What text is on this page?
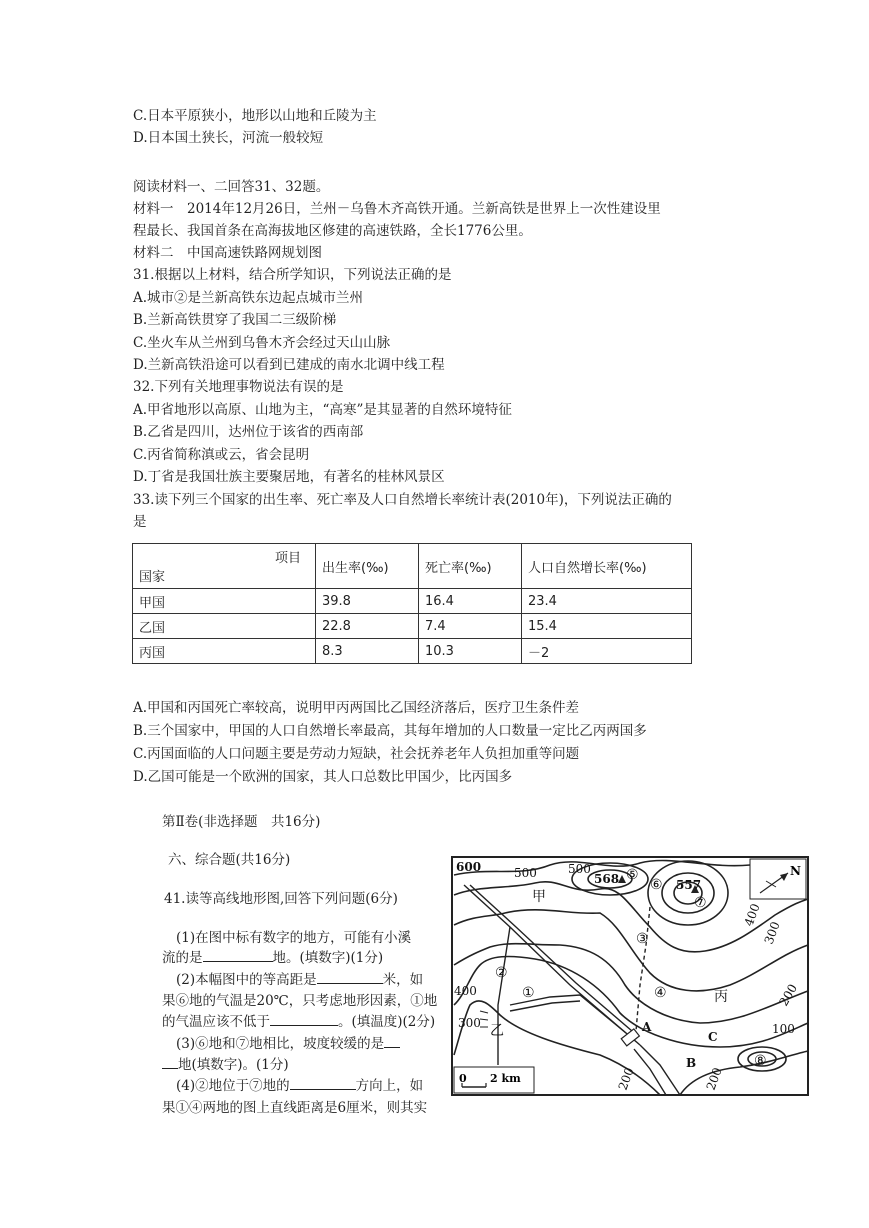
C.日本平原狭小，地形以山地和丘陵为主
D.日本国土狭长，河流一般较短
阅读材料一、二回答31、32题。
材料一　2014年12月26日，兰州－乌鲁木齐高铁开通。兰新高铁是世界上一次性建设里
程最长、我国首条在高海拔地区修建的高速铁路，全长1776公里。
材料二　中国高速铁路网规划图
31.根据以上材料，结合所学知识，下列说法正确的是
A.城市②是兰新高铁东边起点城市兰州
B.兰新高铁贯穿了我国二三级阶梯
C.坐火车从兰州到乌鲁木齐会经过天山山脉
D.兰新高铁沿途可以看到已建成的南水北调中线工程
32.下列有关地理事物说法有误的是
A.甲省地形以高原、山地为主，“高寒”是其显著的自然环境特征
B.乙省是四川，达州位于该省的西南部
C.丙省简称滇或云，省会昆明
D.丁省是我国壮族主要聚居地，有著名的桂林风景区
33.读下列三个国家的出生率、死亡率及人口自然增长率统计表(2010年)，下列说法正确的
是
项目
国家	出生率(‰)	死亡率(‰)	人口自然增长率(‰)
甲国	39.8	16.4	23.4
乙国	22.8	7.4	15.4
丙国	8.3	10.3	－2
A.甲国和丙国死亡率较高，说明甲丙两国比乙国经济落后，医疗卫生条件差
B.三个国家中，甲国的人口自然增长率最高，其每年增加的人口数量一定比乙丙两国多
C.丙国面临的人口问题主要是劳动力短缺，社会抚养老年人负担加重等问题
D.乙国可能是一个欧洲的国家，其人口总数比甲国少，比丙国多
第Ⅱ卷(非选择题　共16分)
六、综合题(共16分)
41.读等高线地形图,回答下列问题(6分)
(1)在图中标有数字的地方，可能有小溪
流的是	地。(填数字)(1分)
(2)本幅图中的等高距是	米，如
果⑥地的气温是20℃，只考虑地形因素，①地
的气温应该不低于	。(填温度)(2分)
(3)⑥地和⑦地相比，坡度较缓的是
地(填数字)。(1分)
(4)②地位于⑦地的	方向上，如
果①④两地的图上直线距离是6厘米，则其实
N
600	500	500
400
300
400
300
200
200
100
200
568	557
①
②
③
④
⑤
⑥
⑦
⑧
甲
乙
丙
A
B
C
0 2 km
